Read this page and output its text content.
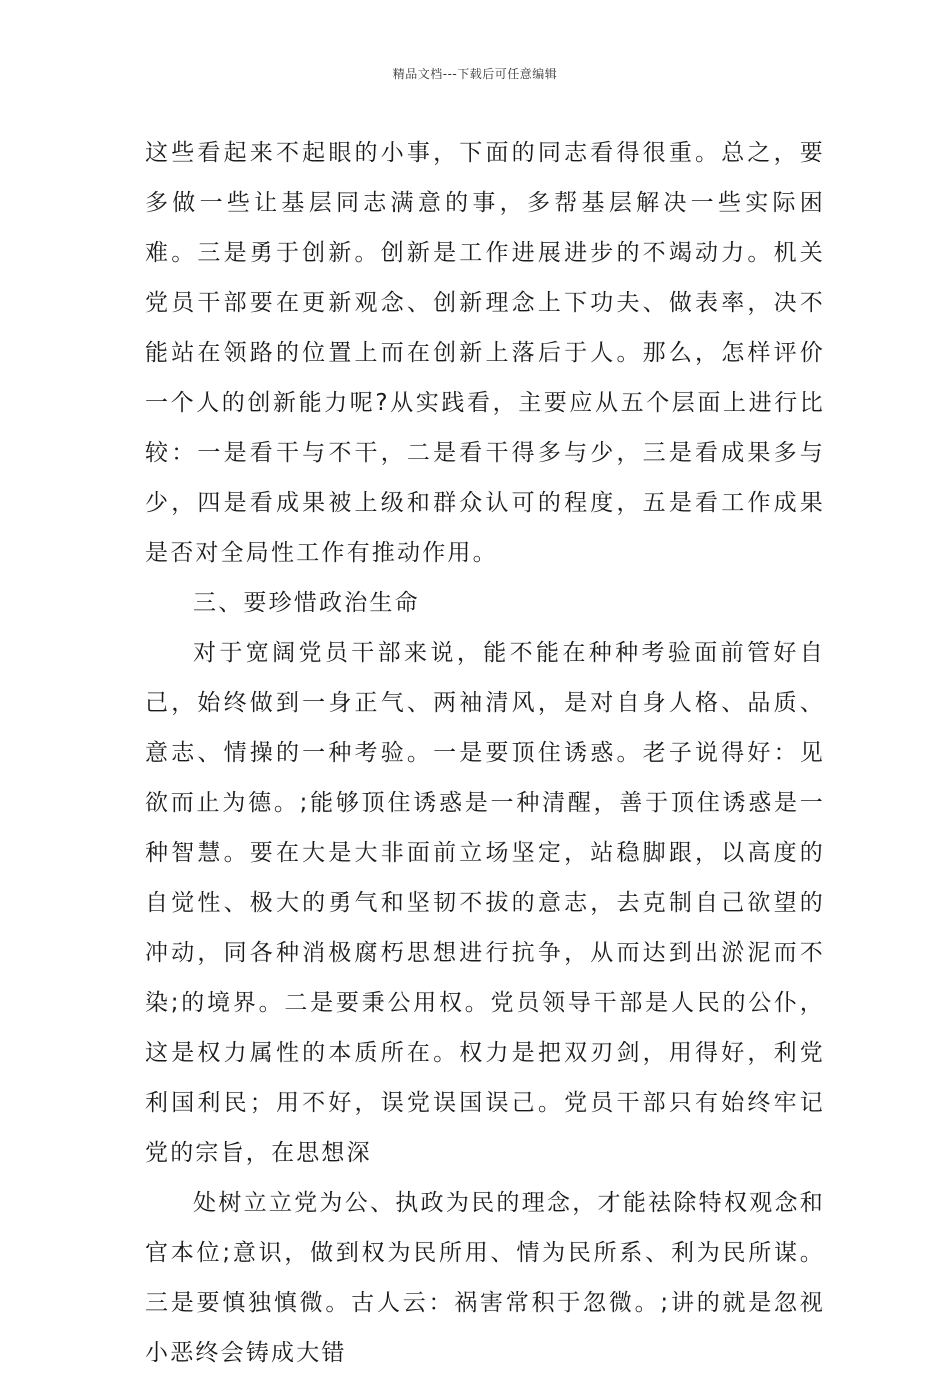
精品文档---下载后可任意编辑

这些看起来不起眼的小事，下面的同志看得很重。总之，要多做一些让基层同志满意的事，多帮基层解决一些实际困难。三是勇于创新。创新是工作进展进步的不竭动力。机关党员干部要在更新观念、创新理念上下功夫、做表率，决不能站在领路的位置上而在创新上落后于人。那么，怎样评价一个人的创新能力呢?从实践看，主要应从五个层面上进行比较：一是看干与不干，二是看干得多与少，三是看成果多与少，四是看成果被上级和群众认可的程度，五是看工作成果是否对全局性工作有推动作用。

三、要珍惜政治生命

对于宽阔党员干部来说，能不能在种种考验面前管好自己，始终做到一身正气、两袖清风，是对自身人格、品质、意志、情操的一种考验。一是要顶住诱惑。老子说得好：见欲而止为德。;能够顶住诱惑是一种清醒，善于顶住诱惑是一种智慧。要在大是大非面前立场坚定，站稳脚跟，以高度的自觉性、极大的勇气和坚韧不拔的意志，去克制自己欲望的冲动，同各种消极腐朽思想进行抗争，从而达到出淤泥而不染;的境界。二是要秉公用权。党员领导干部是人民的公仆，这是权力属性的本质所在。权力是把双刃剑，用得好，利党利国利民；用不好，误党误国误己。党员干部只有始终牢记党的宗旨，在思想深

处树立立党为公、执政为民的理念，才能祛除特权观念和官本位;意识，做到权为民所用、情为民所系、利为民所谋。三是要慎独慎微。古人云：祸害常积于忽微。;讲的就是忽视小恶终会铸成大错
